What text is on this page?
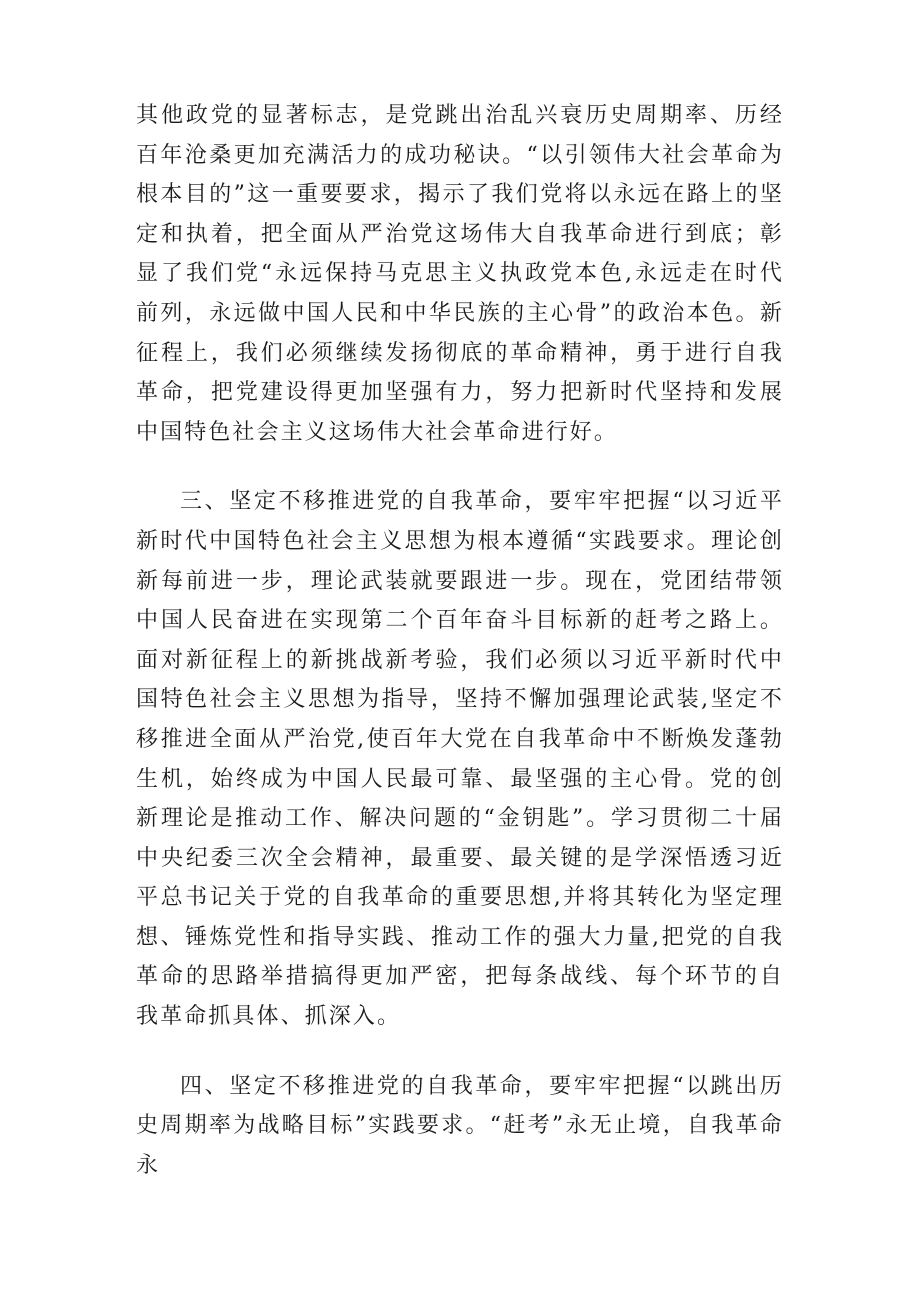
其他政党的显著标志，是党跳出治乱兴衰历史周期率、历经百年沧桑更加充满活力的成功秘诀。“以引领伟大社会革命为根本目的”这一重要要求，揭示了我们党将以永远在路上的坚定和执着，把全面从严治党这场伟大自我革命进行到底；彰显了我们党“永远保持马克思主义执政党本色,永远走在时代前列，永远做中国人民和中华民族的主心骨”的政治本色。新征程上，我们必须继续发扬彻底的革命精神，勇于进行自我革命，把党建设得更加坚强有力，努力把新时代坚持和发展中国特色社会主义这场伟大社会革命进行好。

三、坚定不移推进党的自我革命，要牢牢把握“以习近平新时代中国特色社会主义思想为根本遵循“实践要求。理论创新每前进一步，理论武装就要跟进一步。现在，党团结带领中国人民奋进在实现第二个百年奋斗目标新的赶考之路上。面对新征程上的新挑战新考验，我们必须以习近平新时代中国特色社会主义思想为指导，坚持不懈加强理论武装,坚定不移推进全面从严治党,使百年大党在自我革命中不断焕发蓬勃生机，始终成为中国人民最可靠、最坚强的主心骨。党的创新理论是推动工作、解决问题的“金钥匙”。学习贯彻二十届中央纪委三次全会精神，最重要、最关键的是学深悟透习近平总书记关于党的自我革命的重要思想,并将其转化为坚定理想、锤炼党性和指导实践、推动工作的强大力量,把党的自我革命的思路举措搞得更加严密，把每条战线、每个环节的自我革命抓具体、抓深入。

四、坚定不移推进党的自我革命，要牢牢把握“以跳出历史周期率为战略目标”实践要求。“赶考”永无止境，自我革命永
